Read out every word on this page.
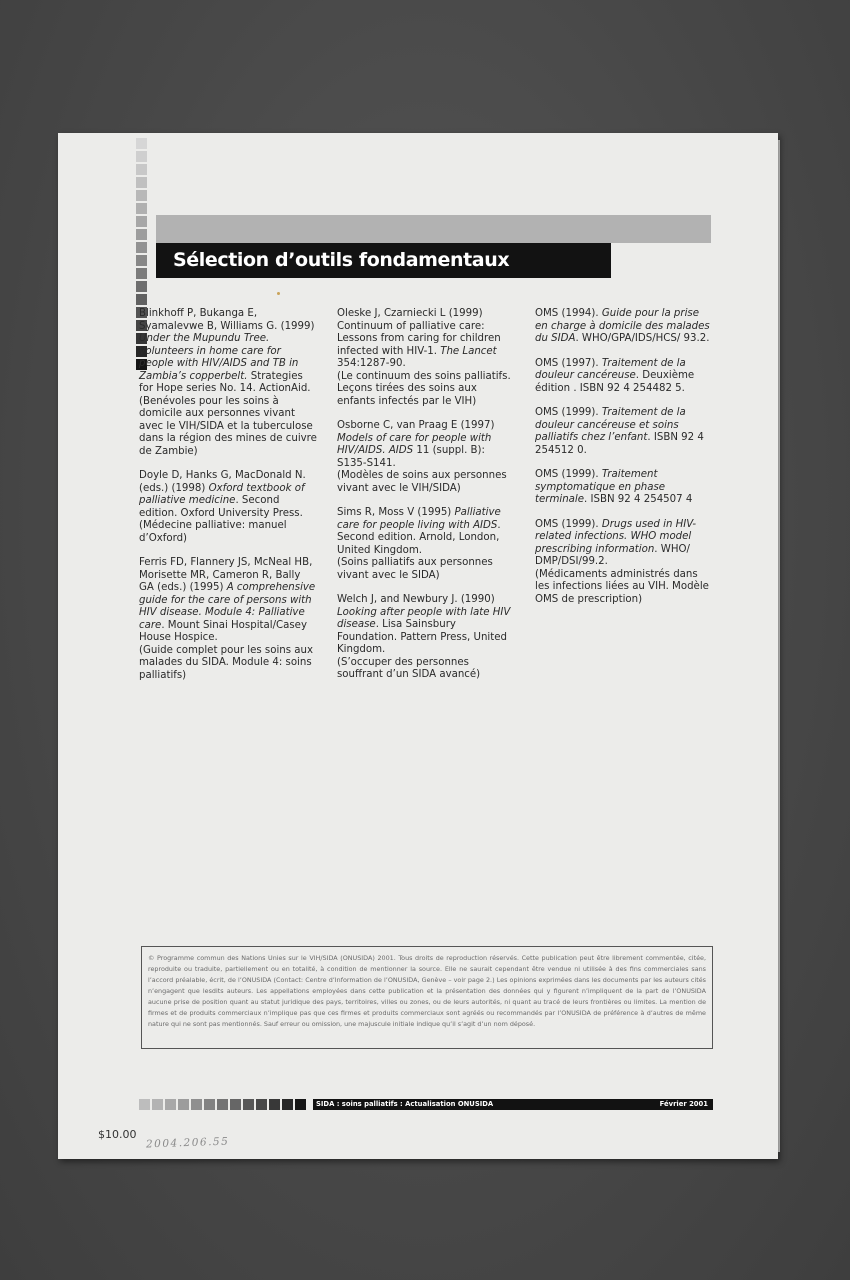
Sélection d’outils fondamentaux
Blinkhoff P, Bukanga E, Syamalevwe B, Williams G. (1999) Under the Mupundu Tree. Volunteers in home care for people with HIV/AIDS and TB in Zambia’s copperbelt. Strategies for Hope series No. 14. ActionAid.
(Benévoles pour les soins à domicile aux personnes vivant avec le VIH/SIDA et la tuberculose dans la région des mines de cuivre de Zambie)
Doyle D, Hanks G, MacDonald N. (eds.) (1998) Oxford textbook of palliative medicine. Second edition. Oxford University Press.
(Médecine palliative: manuel d’Oxford)
Ferris FD, Flannery JS, McNeal HB, Morisette MR, Cameron R, Bally GA (eds.) (1995) A comprehensive guide for the care of persons with HIV disease. Module 4: Palliative care. Mount Sinai Hospital/Casey House Hospice.
(Guide complet pour les soins aux malades du SIDA. Module 4: soins palliatifs)
Oleske J, Czarniecki L (1999) Continuum of palliative care: Lessons from caring for children infected with HIV-1. The Lancet 354:1287-90.
(Le continuum des soins palliatifs. Leçons tirées des soins aux enfants infectés par le VIH)
Osborne C, van Praag E (1997) Models of care for people with HIV/AIDS. AIDS 11 (suppl. B): S135-S141.
(Modèles de soins aux personnes vivant avec le VIH/SIDA)
Sims R, Moss V (1995) Palliative care for people living with AIDS. Second edition. Arnold, London, United Kingdom.
(Soins palliatifs aux personnes vivant avec le SIDA)
Welch J, and Newbury J. (1990) Looking after people with late HIV disease. Lisa Sainsbury Foundation. Pattern Press, United Kingdom.
(S’occuper des personnes souffrant d’un SIDA avancé)
OMS (1994). Guide pour la prise en charge à domicile des malades du SIDA. WHO/GPA/IDS/HCS/ 93.2.
OMS (1997). Traitement de la douleur cancéreuse. Deuxième édition . ISBN 92 4 254482 5.
OMS (1999). Traitement de la douleur cancéreuse et soins palliatifs chez l’enfant. ISBN 92 4 254512 0.
OMS (1999). Traitement symptomatique en phase terminale. ISBN 92 4 254507 4
OMS (1999). Drugs used in HIV-related infections. WHO model prescribing information. WHO/ DMP/DSI/99.2.
(Médicaments administrés dans les infections liées au VIH. Modèle OMS de prescription)
© Programme commun des Nations Unies sur le VIH/SIDA (ONUSIDA) 2001. Tous droits de reproduction réservés. Cette publication peut être librement commentée, citée, reproduite ou traduite, partiellement ou en totalité, à condition de mentionner la source. Elle ne saurait cependant être vendue ni utilisée à des fins commerciales sans l’accord préalable, écrit, de l’ONUSIDA (Contact: Centre d’Information de l’ONUSIDA, Genève – voir page 2.) Les opinions exprimées dans les documents par les auteurs cités n’engagent que lesdits auteurs. Les appellations employées dans cette publication et la présentation des données qui y figurent n’impliquent de la part de l’ONUSIDA aucune prise de position quant au statut juridique des pays, territoires, villes ou zones, ou de leurs autorités, ni quant au tracé de leurs frontières ou limites. La mention de firmes et de produits commerciaux n’implique pas que ces firmes et produits commerciaux sont agréés ou recommandés par l’ONUSIDA de préférence à d’autres de même nature qui ne sont pas mentionnés. Sauf erreur ou omission, une majuscule initiale indique qu’il s’agit d’un nom déposé.
SIDA : soins palliatifs : Actualisation ONUSIDA	Février 2001
$10.00
2004.206.55
